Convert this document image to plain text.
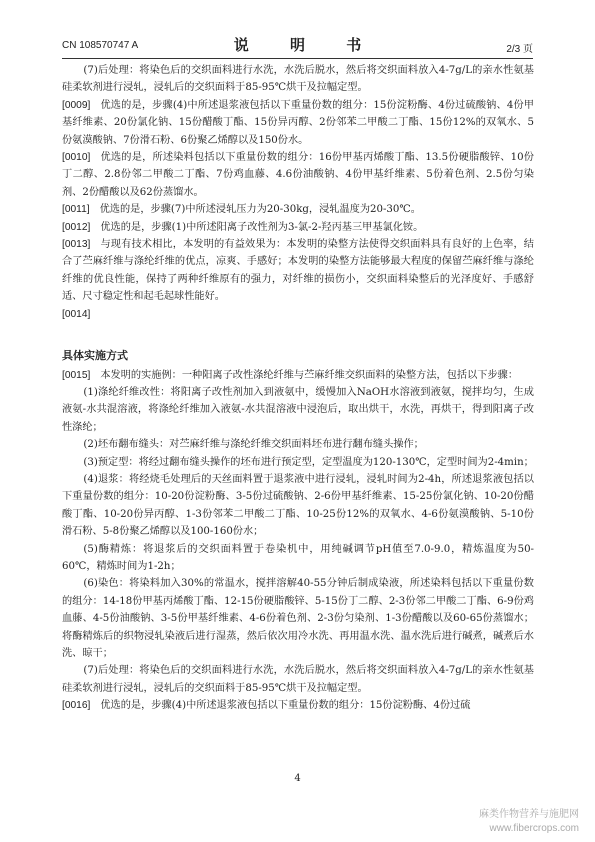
CN 108570747 A	说 明 书	2/3 页

(7)后处理：将染色后的交织面料进行水洗，水洗后脱水，然后将交织面料放入4-7g/L的亲水性氨基硅柔软剂进行浸轧，浸轧后的交织面料于85-95℃烘干及拉幅定型。

[0009] 优选的是，步骤(4)中所述退浆液包括以下重量份数的组分：15份淀粉酶、4份过硫酸钠、4份甲基纤维素、20份氯化钠、15份醋酸丁酯、15份异丙醇、2份邻苯二甲酸二丁酯、15份12%的双氧水、5份氨漠酸钠、7份滑石粉、6份聚乙烯醇以及150份水。

[0010] 优选的是，所述染料包括以下重量份数的组分：16份甲基丙烯酸丁酯、13.5份硬脂酸锌、10份丁二醇、2.8份邻二甲酸二丁酯、7份鸡血藤、4.6份油酸钠、4份甲基纤维素、5份着色剂、2.5份匀染剂、2份醋酸以及62份蒸馏水。

[0011] 优选的是，步骤(7)中所述浸轧压力为20-30kg，浸轧温度为20-30℃。

[0012] 优选的是，步骤(1)中所述阳离子改性剂为3-氯-2-羟丙基三甲基氯化铵。

[0013] 与现有技术相比，本发明的有益效果为：本发明的染整方法使得交织面料具有良好的上色率，结合了苎麻纤维与涤纶纤维的优点，凉爽、手感好；本发明的染整方法能够最大程度的保留苎麻纤维与涤纶纤维的优良性能，保持了两种纤维原有的强力，对纤维的损伤小，交织面料染整后的光泽度好、手感舒适、尺寸稳定性和起毛起球性能好。

[0014]

具体实施方式

[0015] 本发明的实施例：一种阳离子改性涤纶纤维与苎麻纤维交织面料的染整方法，包括以下步骤：

(1)涤纶纤维改性：将阳离子改性剂加入到液氨中，缓慢加入NaOH水溶液到液氨，搅拌均匀，生成液氨-水共混溶液，将涤纶纤维加入液氨-水共混溶液中浸泡后，取出烘干，水洗，再烘干，得到阳离子改性涤纶；

(2)坯布翻布缝头：对苎麻纤维与涤纶纤维交织面料坯布进行翻布缝头操作；

(3)预定型：将经过翻布缝头操作的坯布进行预定型，定型温度为120-130℃，定型时间为2-4min；

(4)退浆：将经烧毛处理后的天丝面料置于退浆液中进行浸轧，浸轧时间为2-4h，所述退浆液包括以下重量份数的组分：10-20份淀粉酶、3-5份过硫酸钠、2-6份甲基纤维素、15-25份氯化钠、10-20份醋酸丁酯、10-20份异丙醇、1-3份邻苯二甲酸二丁酯、10-25份12%的双氧水、4-6份氨漠酸钠、5-10份滑石粉、5-8份聚乙烯醇以及100-160份水；

(5)酶精炼：将退浆后的交织面料置于卷染机中，用纯碱调节pH值至7.0-9.0，精炼温度为50-60℃，精炼时间为1-2h；

(6)染色：将染料加入30%的常温水，搅拌溶解40-55分钟后制成染液，所述染料包括以下重量份数的组分：14-18份甲基丙烯酸丁酯、12-15份硬脂酸锌、5-15份丁二醇、2-3份邻二甲酸二丁酯、6-9份鸡血藤、4-5份油酸钠、3-5份甲基纤维素、4-6份着色剂、2-3份匀染剂、1-3份醋酸以及60-65份蒸馏水；将酶精炼后的织物浸轧染液后进行湿蒸，然后依次用冷水洗、再用温水洗、温水洗后进行碱煮，碱煮后水洗、晾干；

(7)后处理：将染色后的交织面料进行水洗，水洗后脱水，然后将交织面料放入4-7g/L的亲水性氨基硅柔软剂进行浸轧，浸轧后的交织面料于85-95℃烘干及拉幅定型。

[0016] 优选的是，步骤(4)中所述退浆液包括以下重量份数的组分：15份淀粉酶、4份过硫

4
麻类作物营养与施肥网
www.fibercrops.com
